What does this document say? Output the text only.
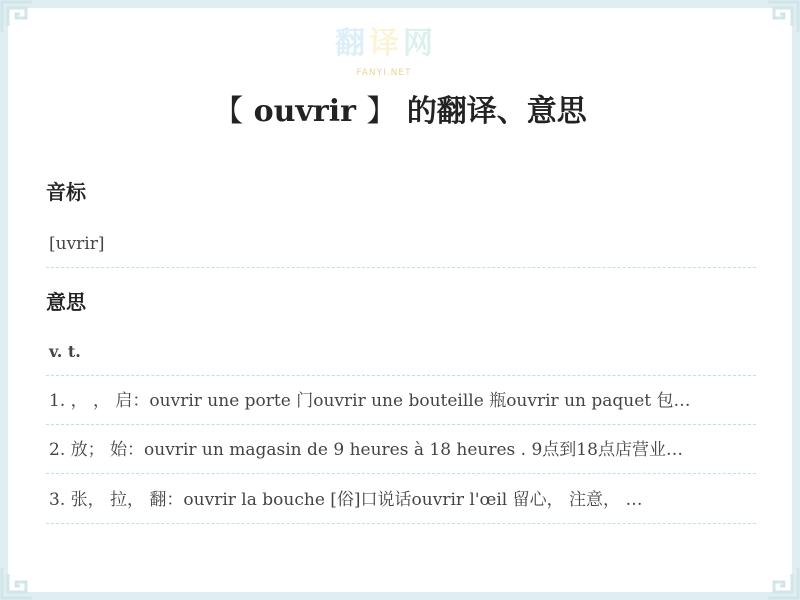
翻 译 网
FANYI.NET
【 ouvrir 】 的翻译、意思
音标
[uvrir]
意思
v. t.
1. ， ， 启：ouvrir une porte 门ouvrir une bouteille 瓶ouvrir un paquet 包…
2. 放； 始：ouvrir un magasin de 9 heures à 18 heures . 9点到18点店营业…
3. 张， 拉， 翻：ouvrir la bouche [俗]口说话ouvrir l'œil 留心， 注意， …
